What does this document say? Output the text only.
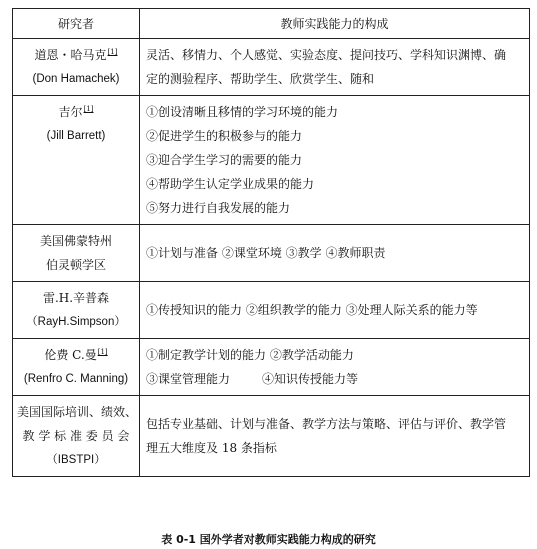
研究者	教师实践能力的构成

道恩・哈马克[1]
(Don Hamachek)	灵活、移情力、个人感觉、实验态度、提问技巧、学科知识渊博、确
定的测验程序、帮助学生、欣赏学生、随和

吉尔[1]
(Jill Barrett)	①创设清晰且移情的学习环境的能力
②促进学生的积极参与的能力
③迎合学生学习的需要的能力
④帮助学生认定学业成果的能力
⑤努力进行自我发展的能力

美国佛蒙特州
伯灵顿学区	①计划与准备 ②课堂环境 ③教学 ④教师职责

雷.H.辛普森
（RayH.Simpson）	①传授知识的能力 ②组织教学的能力 ③处理人际关系的能力等

伦费 C.曼[1]
(Renfro C. Manning)	①制定教学计划的能力 ②教学活动能力
③课堂管理能力 ④知识传授能力等

美国国际培训、绩效、
教 学 标 准 委 员 会
（IBSTPI）	包括专业基础、计划与准备、教学方法与策略、评估与评价、教学管
理五大维度及 18 条指标
表 0-1 国外学者对教师实践能力构成的研究
